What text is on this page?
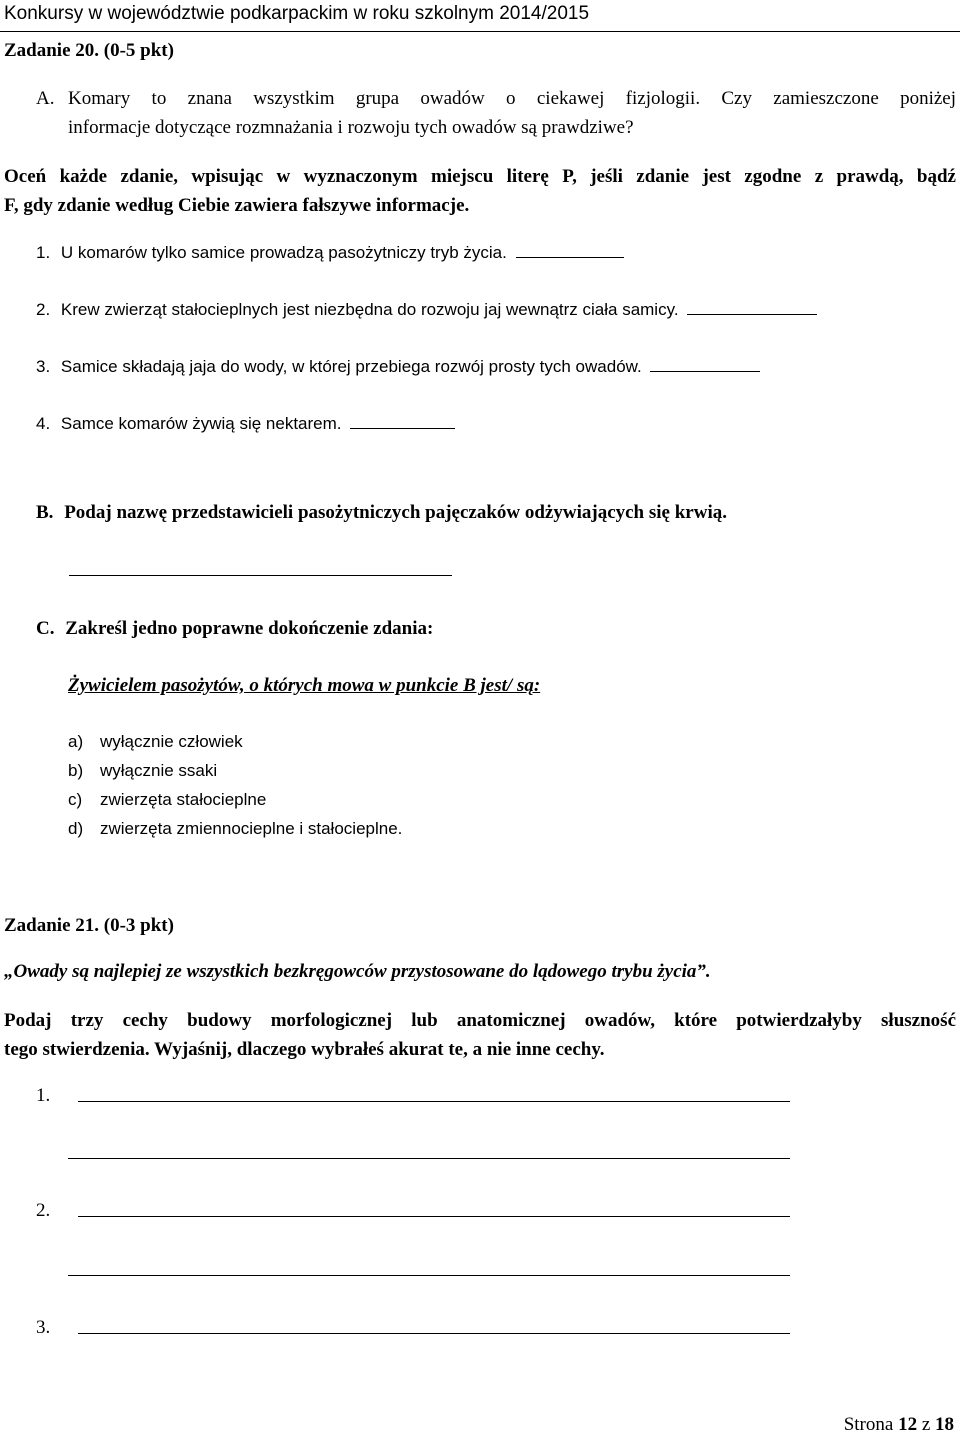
Konkursy w województwie podkarpackim w roku szkolnym 2014/2015
Zadanie 20. (0-5 pkt)
A. Komary to znana wszystkim grupa owadów o ciekawej fizjologii. Czy zamieszczone poniżej
informacje dotyczące rozmnażania i rozwoju tych owadów są prawdziwe?
Oceń każde zdanie, wpisując w wyznaczonym miejscu literę P, jeśli zdanie jest zgodne z prawdą, bądź
F, gdy zdanie według Ciebie zawiera fałszywe informacje.
1. U komarów tylko samice prowadzą pasożytniczy tryb życia.
2. Krew zwierząt stałocieplnych jest niezbędna do rozwoju jaj wewnątrz ciała samicy.
3. Samice składają jaja do wody, w której przebiega rozwój prosty tych owadów.
4. Samce komarów żywią się nektarem.
B. Podaj nazwę przedstawicieli pasożytniczych pajęczaków odżywiających się krwią.
C. Zakreśl jedno poprawne dokończenie zdania:
Żywicielem pasożytów, o których mowa w punkcie B jest/ są:
a) wyłącznie człowiek
b) wyłącznie ssaki
c) zwierzęta stałocieplne
d) zwierzęta zmiennocieplne i stałocieplne.
Zadanie 21. (0-3 pkt)
„Owady są najlepiej ze wszystkich bezkręgowców przystosowane do lądowego trybu życia”.
Podaj trzy cechy budowy morfologicznej lub anatomicznej owadów, które potwierdzałyby słuszność
tego stwierdzenia. Wyjaśnij, dlaczego wybrałeś akurat te, a nie inne cechy.
1.
2.
3.
Strona 12 z 18
